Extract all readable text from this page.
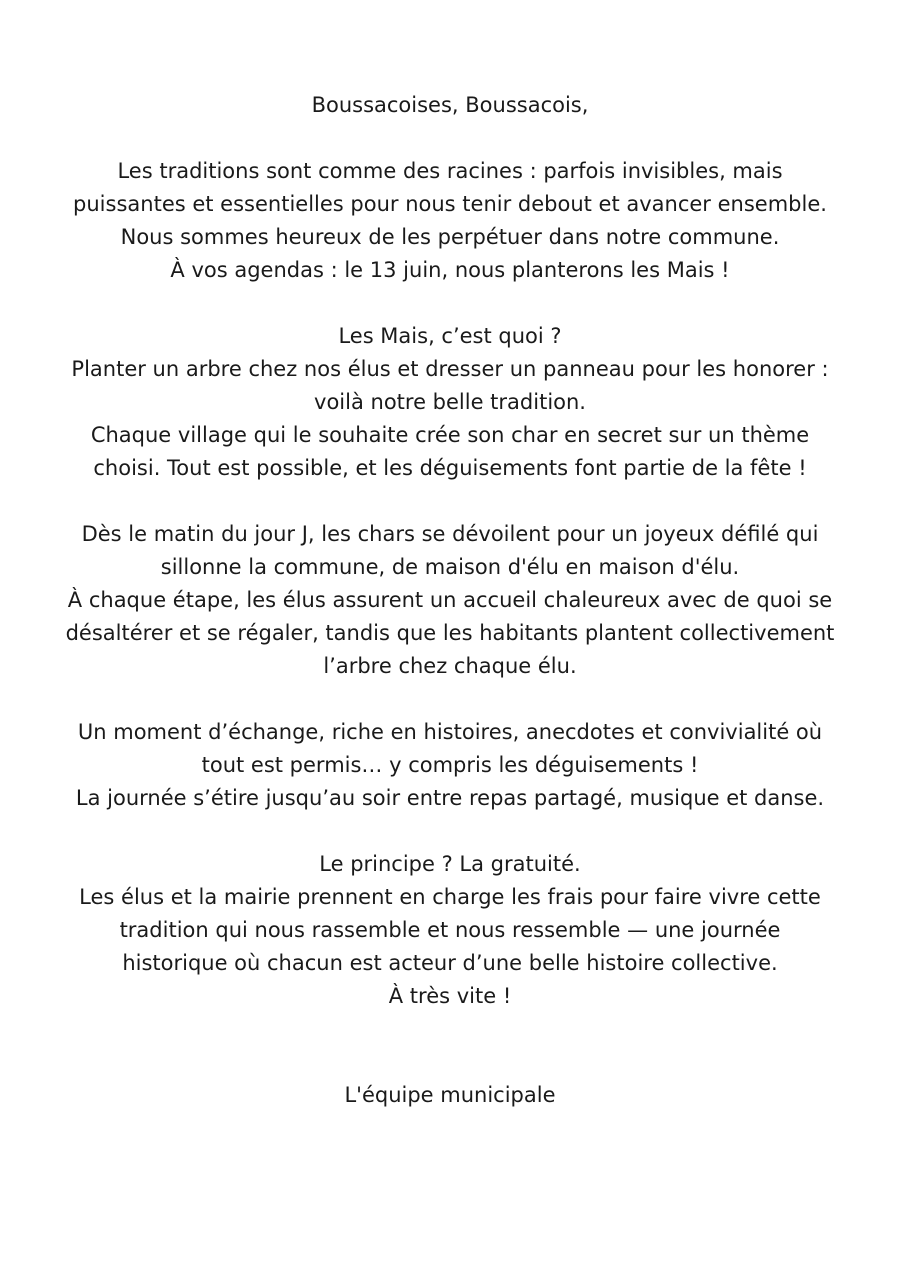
Boussacoises, Boussacois,
Les traditions sont comme des racines : parfois invisibles, mais
puissantes et essentielles pour nous tenir debout et avancer ensemble.
Nous sommes heureux de les perpétuer dans notre commune.
À vos agendas : le 13 juin, nous planterons les Mais !
Les Mais, c’est quoi ?
Planter un arbre chez nos élus et dresser un panneau pour les honorer :
voilà notre belle tradition.
Chaque village qui le souhaite crée son char en secret sur un thème
choisi. Tout est possible, et les déguisements font partie de la fête !
Dès le matin du jour J, les chars se dévoilent pour un joyeux défilé qui
sillonne la commune, de maison d'élu en maison d'élu.
À chaque étape, les élus assurent un accueil chaleureux avec de quoi se
désaltérer et se régaler, tandis que les habitants plantent collectivement
l’arbre chez chaque élu.
Un moment d’échange, riche en histoires, anecdotes et convivialité où
tout est permis… y compris les déguisements !
La journée s’étire jusqu’au soir entre repas partagé, musique et danse.
Le principe ? La gratuité.
Les élus et la mairie prennent en charge les frais pour faire vivre cette
tradition qui nous rassemble et nous ressemble — une journée
historique où chacun est acteur d’une belle histoire collective.
À très vite !
L'équipe municipale
